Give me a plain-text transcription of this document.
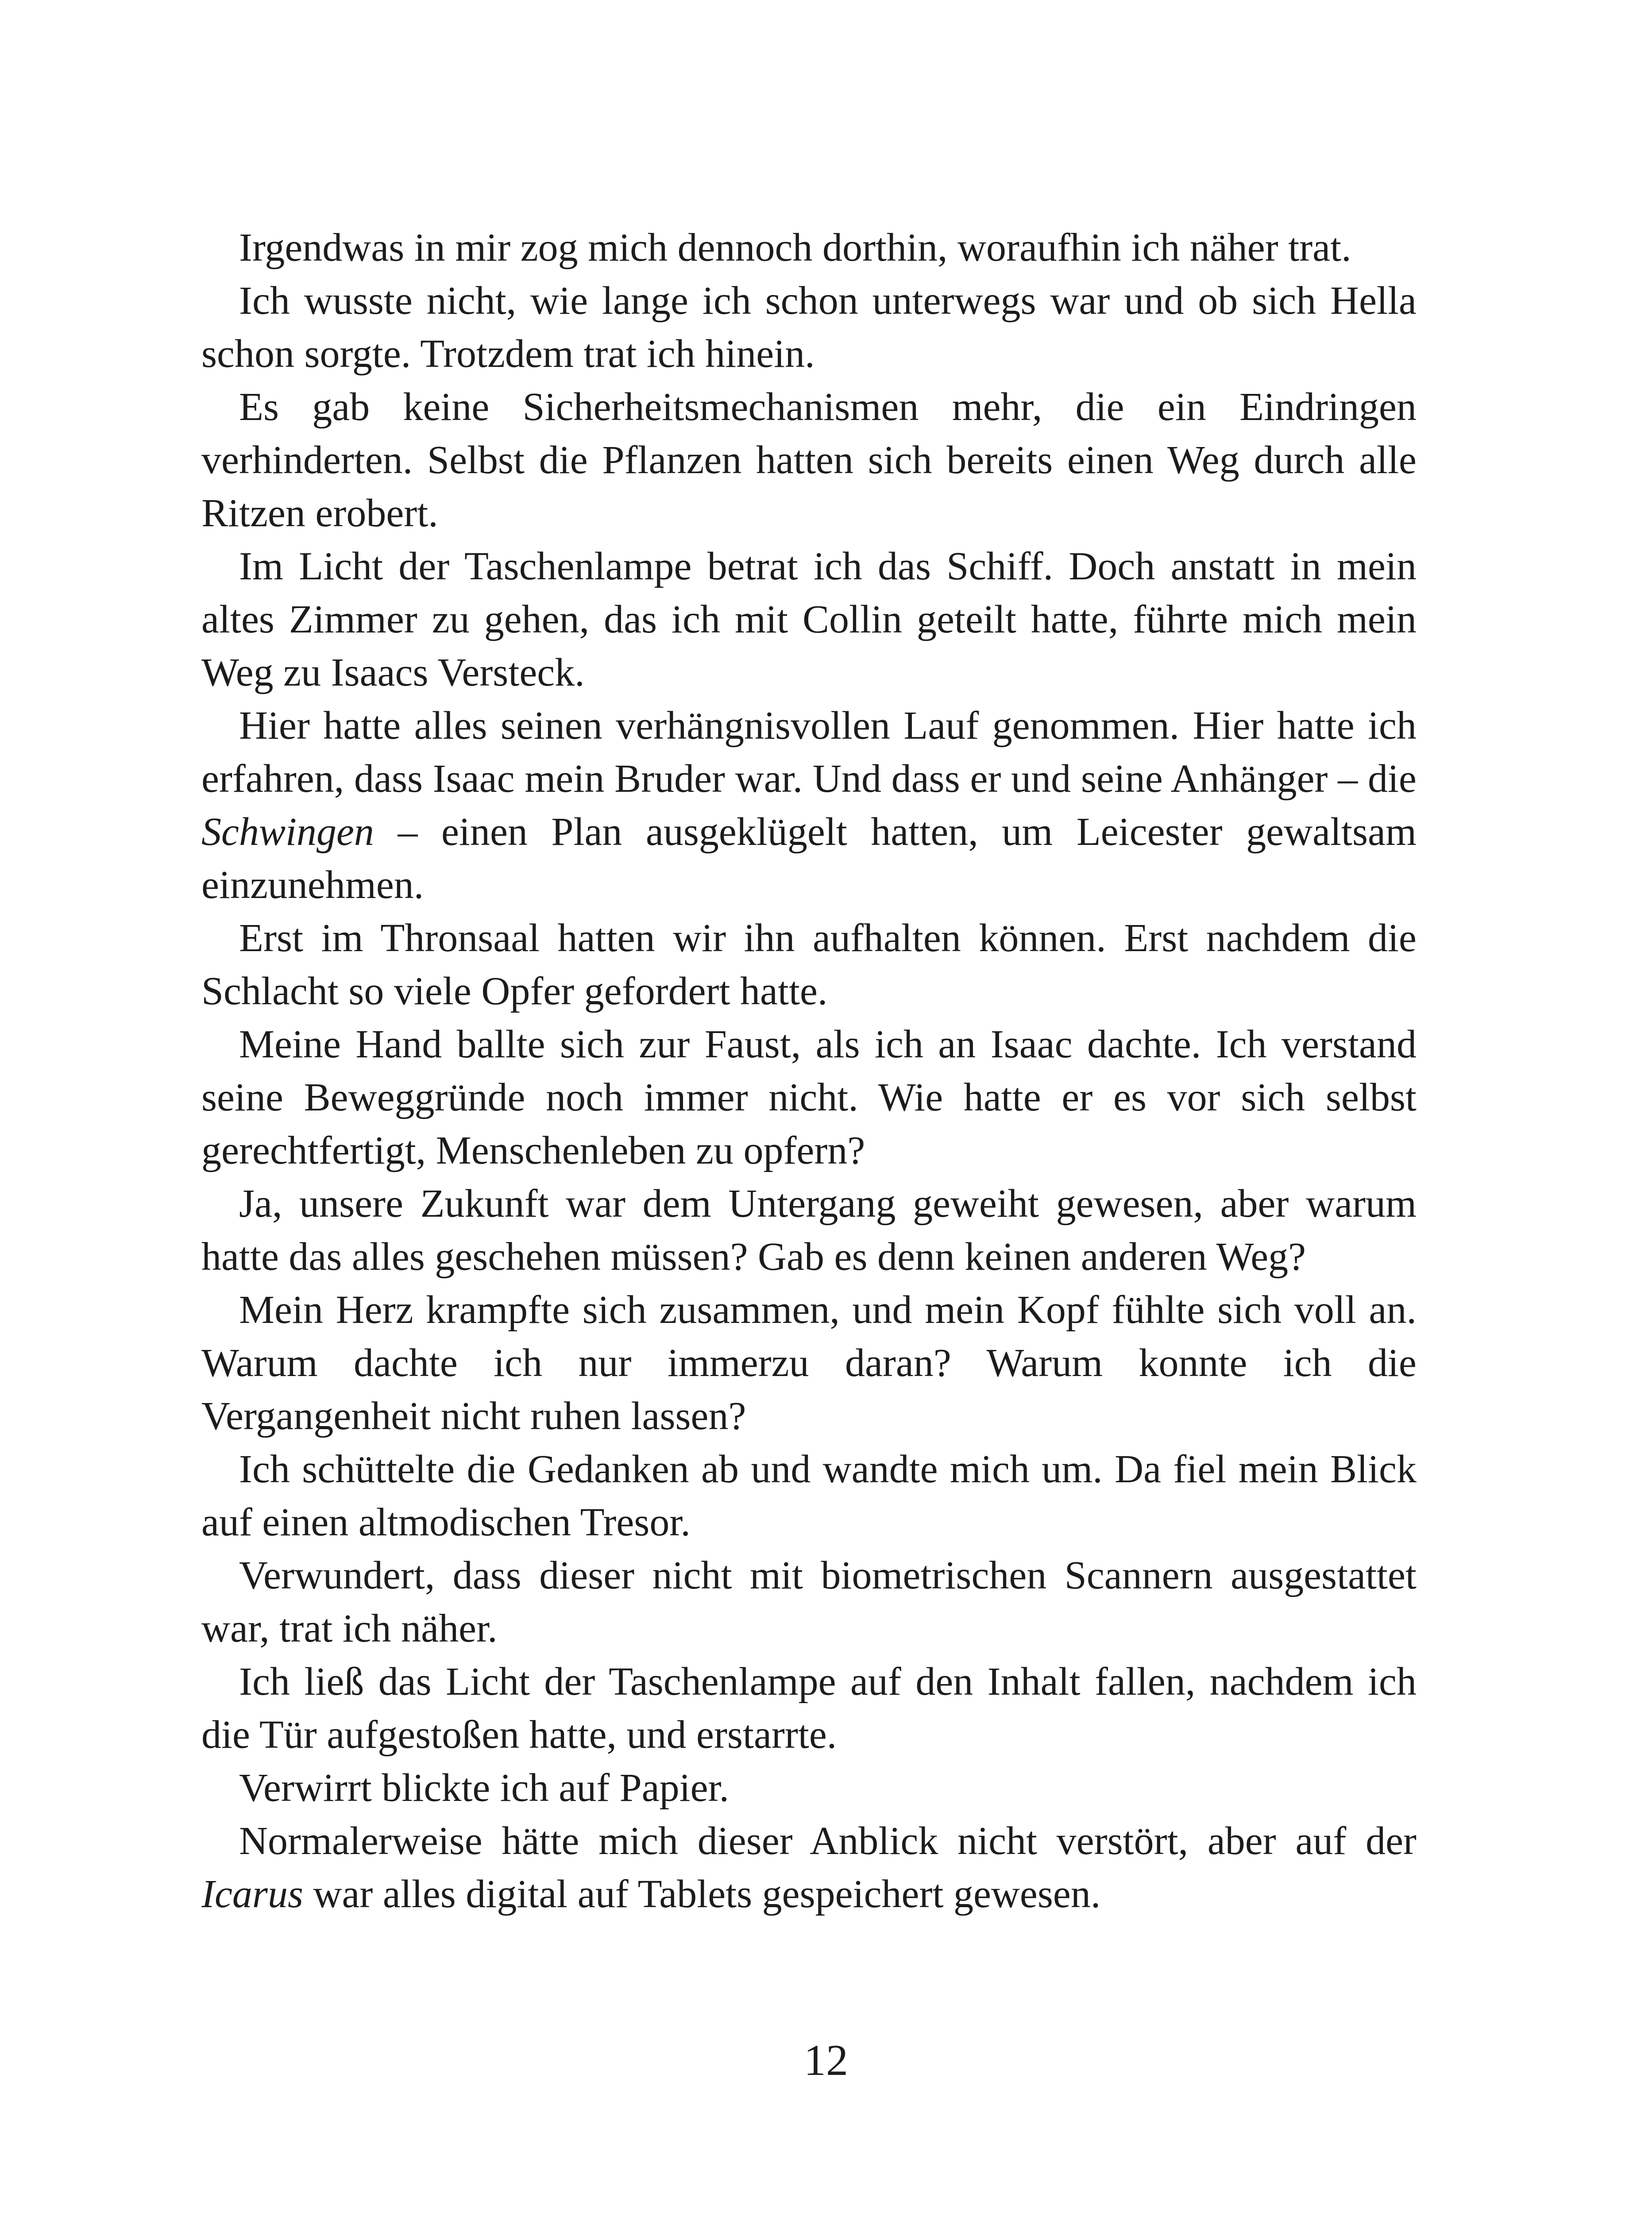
Irgendwas in mir zog mich dennoch dorthin, woraufhin ich näher trat.

Ich wusste nicht, wie lange ich schon unterwegs war und ob sich Hella schon sorgte. Trotzdem trat ich hinein.

Es gab keine Sicherheitsmechanismen mehr, die ein Eindringen verhinderten. Selbst die Pflanzen hatten sich bereits einen Weg durch alle Ritzen erobert.

Im Licht der Taschenlampe betrat ich das Schiff. Doch anstatt in mein altes Zimmer zu gehen, das ich mit Collin geteilt hatte, führte mich mein Weg zu Isaacs Versteck.

Hier hatte alles seinen verhängnisvollen Lauf genommen. Hier hatte ich erfahren, dass Isaac mein Bruder war. Und dass er und seine Anhänger – die Schwingen – einen Plan ausgeklügelt hatten, um Leicester gewaltsam einzunehmen.

Erst im Thronsaal hatten wir ihn aufhalten können. Erst nachdem die Schlacht so viele Opfer gefordert hatte.

Meine Hand ballte sich zur Faust, als ich an Isaac dachte. Ich verstand seine Beweggründe noch immer nicht. Wie hatte er es vor sich selbst gerechtfertigt, Menschenleben zu opfern?

Ja, unsere Zukunft war dem Untergang geweiht gewesen, aber warum hatte das alles geschehen müssen? Gab es denn keinen anderen Weg?

Mein Herz krampfte sich zusammen, und mein Kopf fühlte sich voll an. Warum dachte ich nur immerzu daran? Warum konnte ich die Vergangenheit nicht ruhen lassen?

Ich schüttelte die Gedanken ab und wandte mich um. Da fiel mein Blick auf einen altmodischen Tresor.

Verwundert, dass dieser nicht mit biometrischen Scannern ausgestattet war, trat ich näher.

Ich ließ das Licht der Taschenlampe auf den Inhalt fallen, nachdem ich die Tür aufgestoßen hatte, und erstarrte.

Verwirrt blickte ich auf Papier.

Normalerweise hätte mich dieser Anblick nicht verstört, aber auf der Icarus war alles digital auf Tablets gespeichert gewesen.

12
